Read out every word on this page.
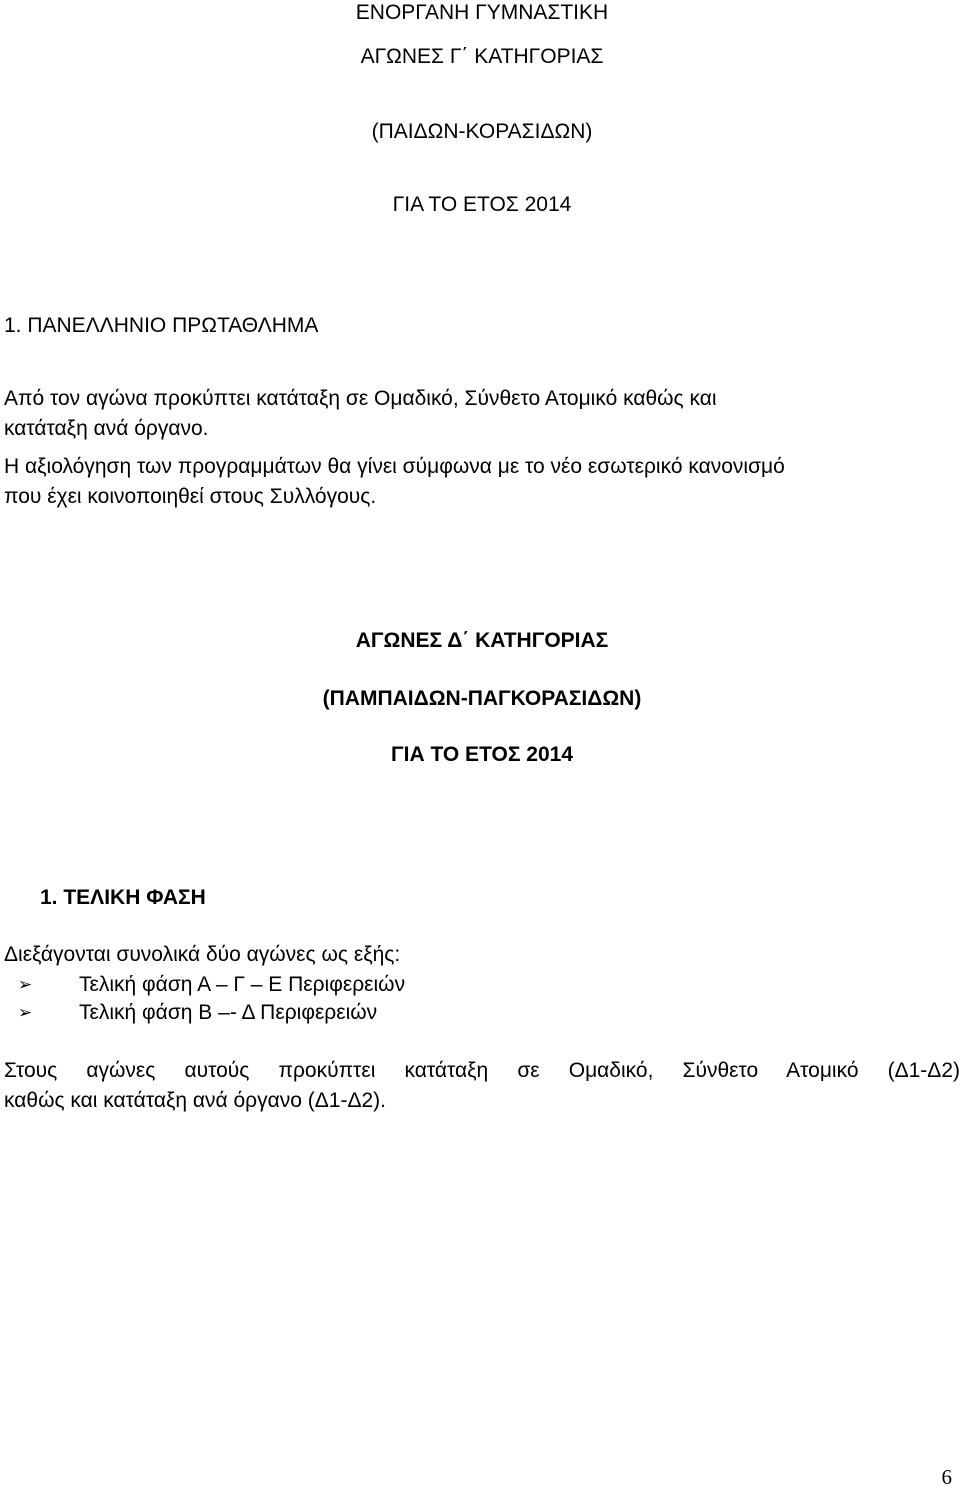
ΕΝΟΡΓΑΝΗ ΓΥΜΝΑΣΤΙΚΗ

ΑΓΩΝΕΣ Γ΄ ΚΑΤΗΓΟΡΙΑΣ

(ΠΑΙΔΩΝ-ΚΟΡΑΣΙΔΩΝ)

ΓΙΑ ΤΟ ΕΤΟΣ 2014

1. ΠΑΝΕΛΛΗΝΙΟ ΠΡΩΤΑΘΛΗΜΑ

Από τον αγώνα προκύπτει κατάταξη σε Ομαδικό, Σύνθετο Ατομικό καθώς και

κατάταξη ανά όργανο.

Η αξιολόγηση των προγραμμάτων θα γίνει σύμφωνα με το νέο εσωτερικό κανονισμό

που έχει κοινοποιηθεί στους Συλλόγους.

ΑΓΩΝΕΣ Δ΄ ΚΑΤΗΓΟΡΙΑΣ

(ΠΑΜΠΑΙΔΩΝ-ΠΑΓΚΟΡΑΣΙΔΩΝ)

ΓΙΑ ΤΟ ΕΤΟΣ 2014

1. ΤΕΛΙΚΗ ΦΑΣΗ

Διεξάγονται συνολικά δύο αγώνες ως εξής:

➢ Τελική φάση Α – Γ – Ε Περιφερειών

➢ Τελική φάση Β –- Δ Περιφερειών

Στους αγώνες αυτούς προκύπτει κατάταξη σε Ομαδικό, Σύνθετο Ατομικό (Δ1-Δ2)

καθώς και κατάταξη ανά όργανο (Δ1-Δ2).

6
